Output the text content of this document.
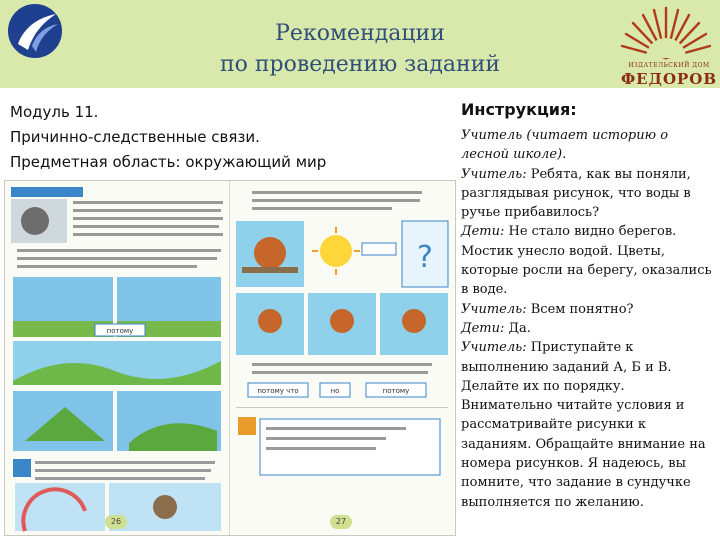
Рекомендации
по проведению заданий	ИЗДАТЕЛЬСКИЙ ДОМ
ФЕДОРОВ
Модуль 11.
Причинно-следственные связи.
Предметная область: окружающий мир
потому
26
?
потому что	но	потому
27
Инструкция:
Учитель (читает историю о лесной школе).
Учитель: Ребята, как вы поняли, разглядывая рисунок, что воды в ручье прибавилось?
Дети: Не стало видно берегов. Мостик унесло водой. Цветы, которые росли на берегу, оказались в воде.
Учитель: Всем понятно?
Дети: Да.
Учитель: Приступайте к выполнению заданий А, Б и В. Делайте их по порядку. Внимательно читайте условия и рассматривайте рисунки к заданиям. Обращайте внимание на номера рисунков. Я надеюсь, вы помните, что задание в сундучке выполняется по желанию.
